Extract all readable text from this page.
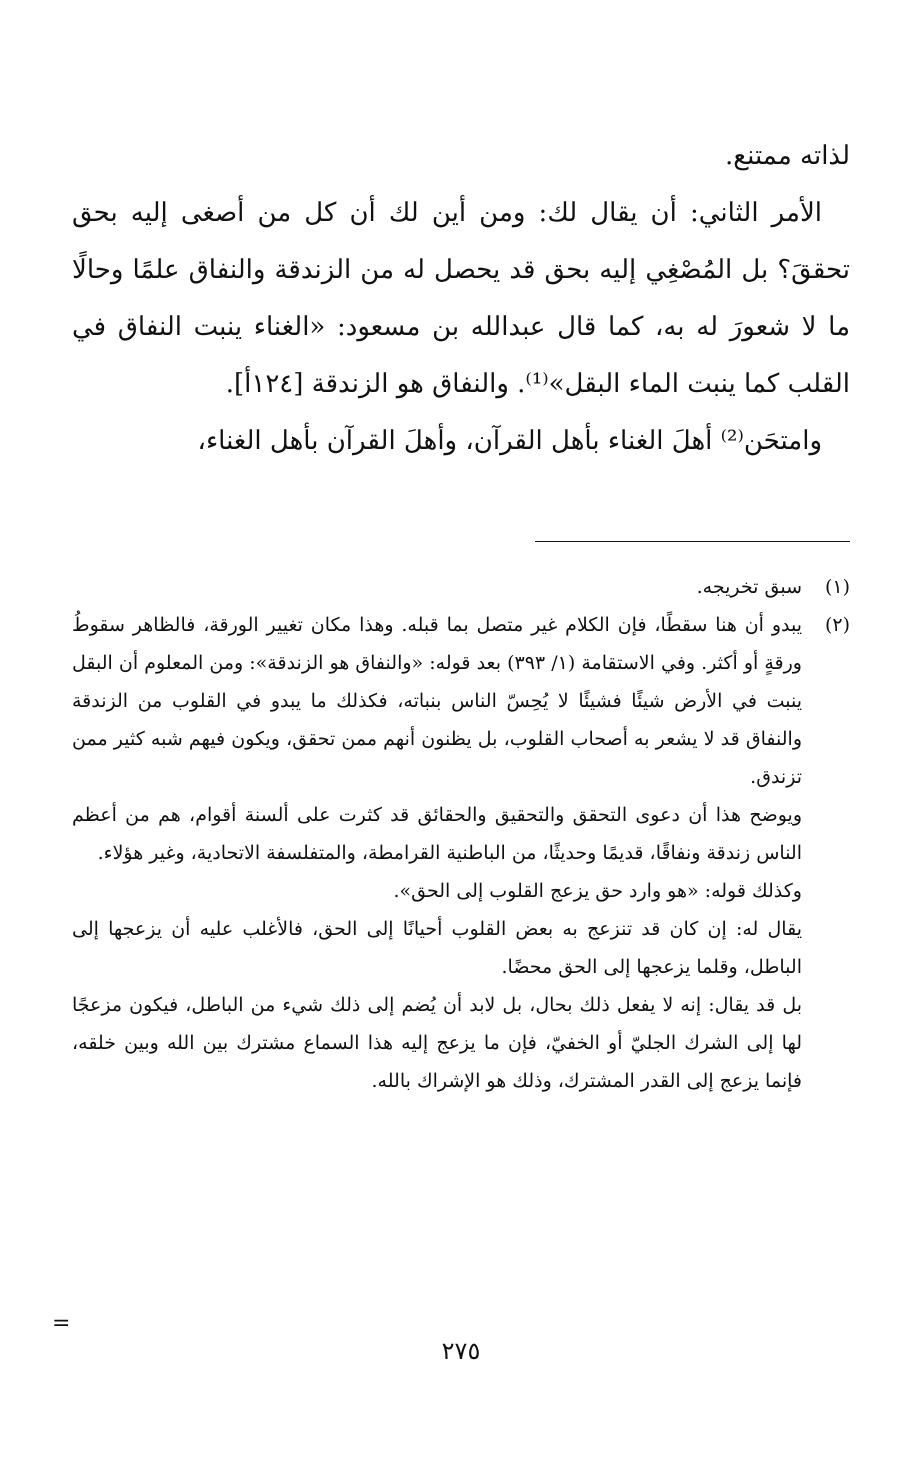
لذاته ممتنع.

الأمر الثاني: أن يقال لك: ومن أين لك أن كل من أصغى إليه بحق تحققَ؟ بل المُصْغِي إليه بحق قد يحصل له من الزندقة والنفاق علمًا وحالًا ما لا شعورَ له به، كما قال عبدالله بن مسعود: «الغناء ينبت النفاق في القلب كما ينبت الماء البقل»⁽¹⁾. والنفاق هو الزندقة [١٢٤أ].

وامتحَن⁽²⁾ أهلَ الغناء بأهل القرآن، وأهلَ القرآن بأهل الغناء،

(١)

سبق تخريجه.

(٢)

يبدو أن هنا سقطًا، فإن الكلام غير متصل بما قبله. وهذا مكان تغيير الورقة، فالظاهر سقوطُ ورقةٍ أو أكثر. وفي الاستقامة (١/ ٣٩٣) بعد قوله: «والنفاق هو الزندقة»: ومن المعلوم أن البقل ينبت في الأرض شيئًا فشيئًا لا يُحِسّ الناس بنباته، فكذلك ما يبدو في القلوب من الزندقة والنفاق قد لا يشعر به أصحاب القلوب، بل يظنون أنهم ممن تحقق، ويكون فيهم شبه كثير ممن تزندق.

ويوضح هذا أن دعوى التحقق والتحقيق والحقائق قد كثرت على ألسنة أقوام، هم من أعظم الناس زندقة ونفاقًا، قديمًا وحديثًا، من الباطنية القرامطة، والمتفلسفة الاتحادية، وغير هؤلاء.

وكذلك قوله: «هو وارد حق يزعج القلوب إلى الحق».

يقال له: إن كان قد تنزعج به بعض القلوب أحيانًا إلى الحق، فالأغلب عليه أن يزعجها إلى الباطل، وقلما يزعجها إلى الحق محضًا.

بل قد يقال: إنه لا يفعل ذلك بحال، بل لابد أن يُضم إلى ذلك شيء من الباطل، فيكون مزعجًا لها إلى الشرك الجليّ أو الخفيّ، فإن ما يزعج إليه هذا السماع مشترك بين الله وبين خلقه، فإنما يزعج إلى القدر المشترك، وذلك هو الإشراك بالله.

=
٢٧٥
